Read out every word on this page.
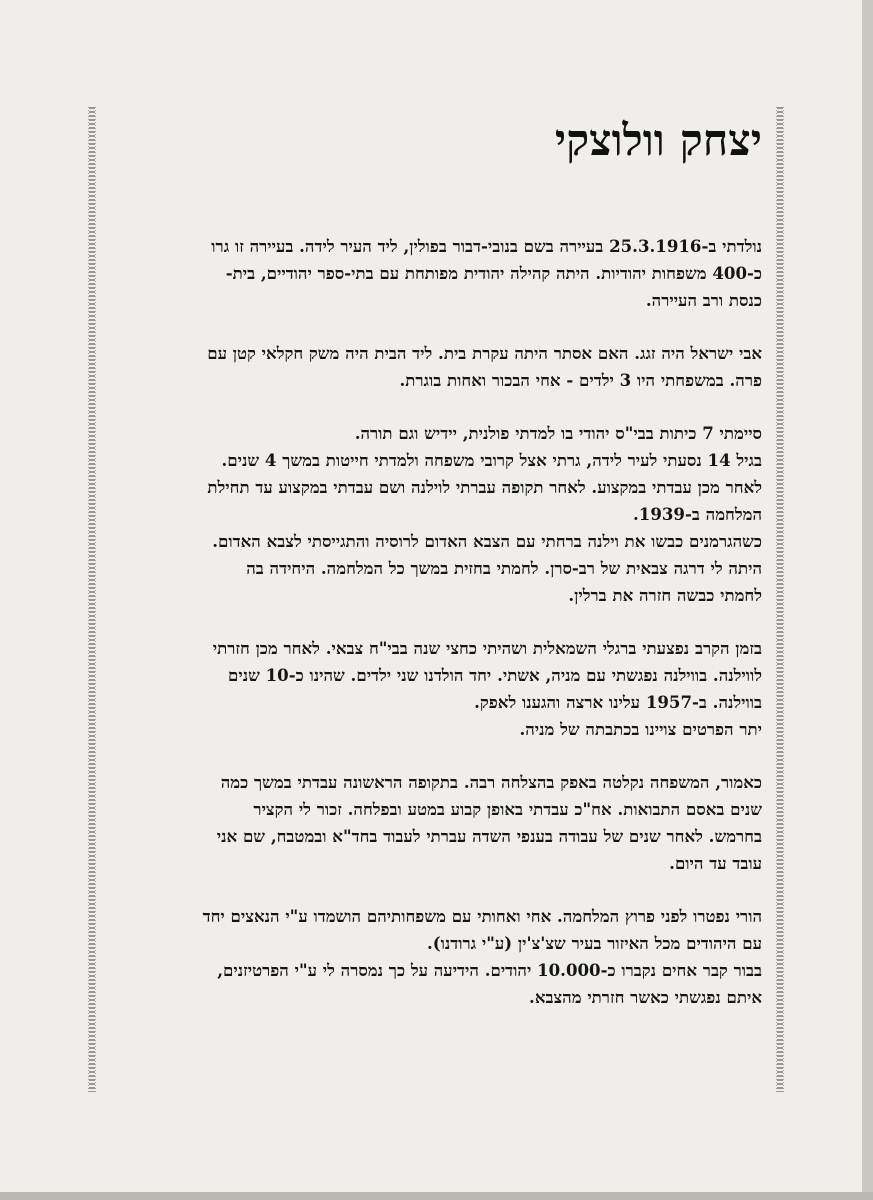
יצחק וולוצקי

נולדתי ב-25.3.1916 בעיירה בשם בנובי-דבור בפולין, ליד העיר לידה. בעיירה זו גרו
כ-400 משפחות יהודיות. היתה קהילה יהודית מפותחת עם בתי-ספר יהודיים, בית-
כנסת ורב העיירה.

אבי ישראל היה זגג. האם אסתר היתה עקרת בית. ליד הבית היה משק חקלאי קטן עם
פרה. במשפחתי היו 3 ילדים - אחי הבכור ואחות בוגרת.

סיימתי 7 כיתות בבי"ס יהודי בו למדתי פולנית, יידיש וגם תורה.
בגיל 14 נסעתי לעיר לידה, גרתי אצל קרובי משפחה ולמדתי חייטות במשך 4 שנים.
לאחר מכן עבדתי במקצוע. לאחר תקופה עברתי לוילנה ושם עבדתי במקצוע עד תחילת
המלחמה ב-1939.
כשהגרמנים כבשו את וילנה ברחתי עם הצבא האדום לרוסיה והתגייסתי לצבא האדום.
היתה לי דרגה צבאית של רב-סרן. לחמתי בחזית במשך כל המלחמה. היחידה בה
לחמתי כבשה חזרה את ברלין.

בזמן הקרב נפצעתי ברגלי השמאלית ושהיתי כחצי שנה בבי"ח צבאי. לאחר מכן חזרתי
לווילנה. בווילנה נפגשתי עם מניה, אשתי. יחד הולדנו שני ילדים. שהינו כ-10 שנים
בווילנה. ב-1957 עלינו ארצה והגענו לאפק.
יתר הפרטים צויינו בכתבתה של מניה.

כאמור, המשפחה נקלטה באפק בהצלחה רבה. בתקופה הראשונה עבדתי במשך כמה
שנים באסם התבואות. אח"כ עבדתי באופן קבוע במטע ובפלחה. זכור לי הקציר
בחרמש. לאחר שנים של עבודה בענפי השדה עברתי לעבוד בחד"א ובמטבח, שם אני
עובד עד היום.

הורי נפטרו לפני פרוץ המלחמה. אחי ואחותי עם משפחותיהם הושמדו ע"י הנאצים יחד
עם היהודים מכל האיזור בעיר שצ'צ'ין (ע"י גרודנו).
בבור קבר אחים נקברו כ-10.000 יהודים. הידיעה על כך נמסרה לי ע"י הפרטיזנים,
איתם נפגשתי כאשר חזרתי מהצבא.
